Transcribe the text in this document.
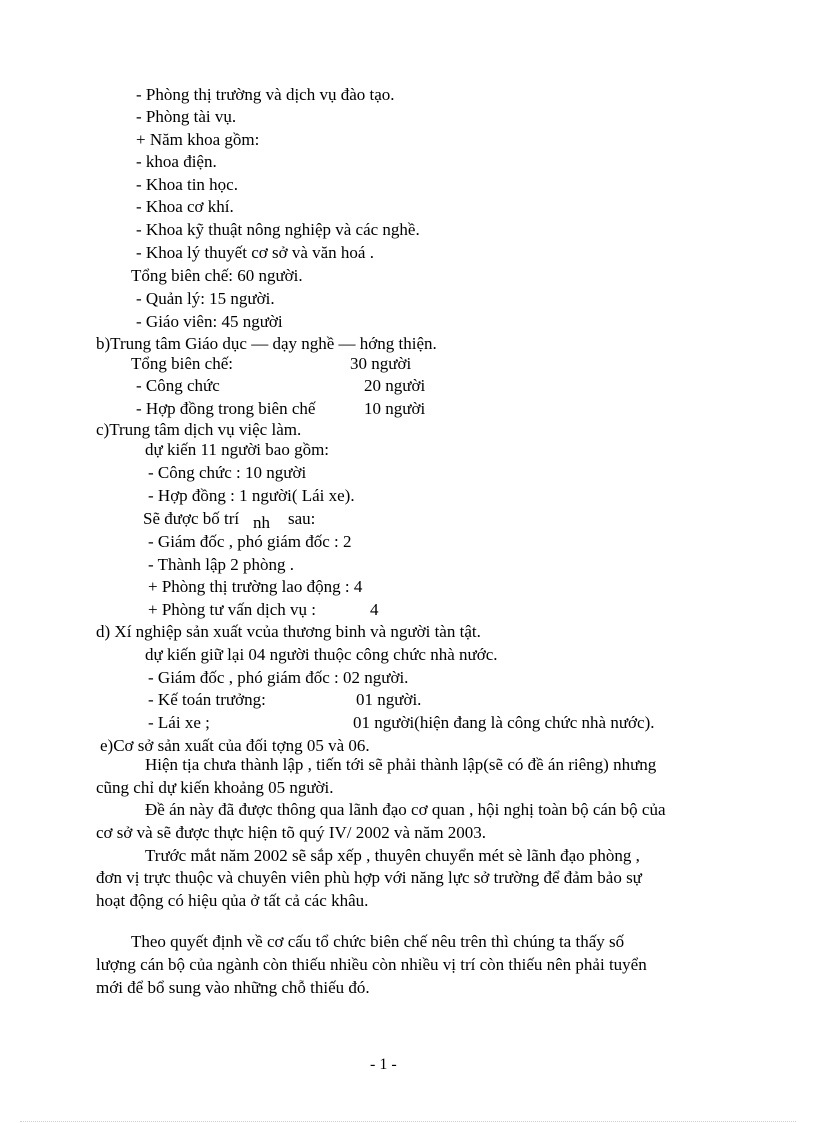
- Phòng thị trường và dịch vụ đào tạo.
- Phòng tài vụ.
+ Năm khoa gồm:
- khoa điện.
- Khoa tin học.
- Khoa cơ khí.
- Khoa kỹ thuật nông nghiệp và các nghề.
- Khoa lý thuyết cơ sở và văn hoá .
Tổng biên chế: 60 người.
- Quản lý: 15 người.
- Giáo viên: 45 người
b)Trung tâm Giáo dục — dạy nghề — hớng thiện.
Tổng biên chế:	30 người
- Công chức	20 người
- Hợp đồng trong biên chế	10 người
c)Trung tâm dịch vụ việc làm.
dự kiến 11 người bao gồm:
- Công chức : 10 người
- Hợp đồng : 1 người( Lái xe).
Sẽ được bố trí nh sau:
- Giám đốc , phó giám đốc : 2
- Thành lập 2 phòng .
+ Phòng thị trường lao động : 4
+ Phòng tư vấn dịch vụ :	4
d) Xí nghiệp sản xuất vcủa thương binh và người tàn tật.
dự kiến giữ lại 04 người thuộc công chức nhà nước.
- Giám đốc , phó giám đốc : 02 người.
- Kế toán trưởng:	01 người.
- Lái xe ;	01 người(hiện đang là công chức nhà nước).
e)Cơ sở sản xuất của đối tợng 05 và 06.
Hiện tịa chưa thành lập , tiến tới sẽ phải thành lập(sẽ có đề án riêng) nhưng
cũng chỉ dự kiến khoảng 05 người.
Đề án này đã được thông qua lãnh đạo cơ quan , hội nghị toàn bộ cán bộ của
cơ sở và sẽ được thực hiện tõ quý IV/ 2002 và năm 2003.
Trước mắt năm 2002 sẽ sắp xếp , thuyên chuyển mét sè lãnh đạo phòng ,
đơn vị trực thuộc và chuyên viên phù hợp với năng lực sở trường để đảm bảo sự
hoạt động có hiệu qủa ở tất cả các khâu.
Theo quyết định về cơ cấu tổ chức biên chế nêu trên thì chúng ta thấy số
lượng cán bộ của ngành còn thiếu nhiều còn nhiều vị trí còn thiếu nên phải tuyển
mới để bổ sung vào những chỗ thiếu đó.
- 1 -
